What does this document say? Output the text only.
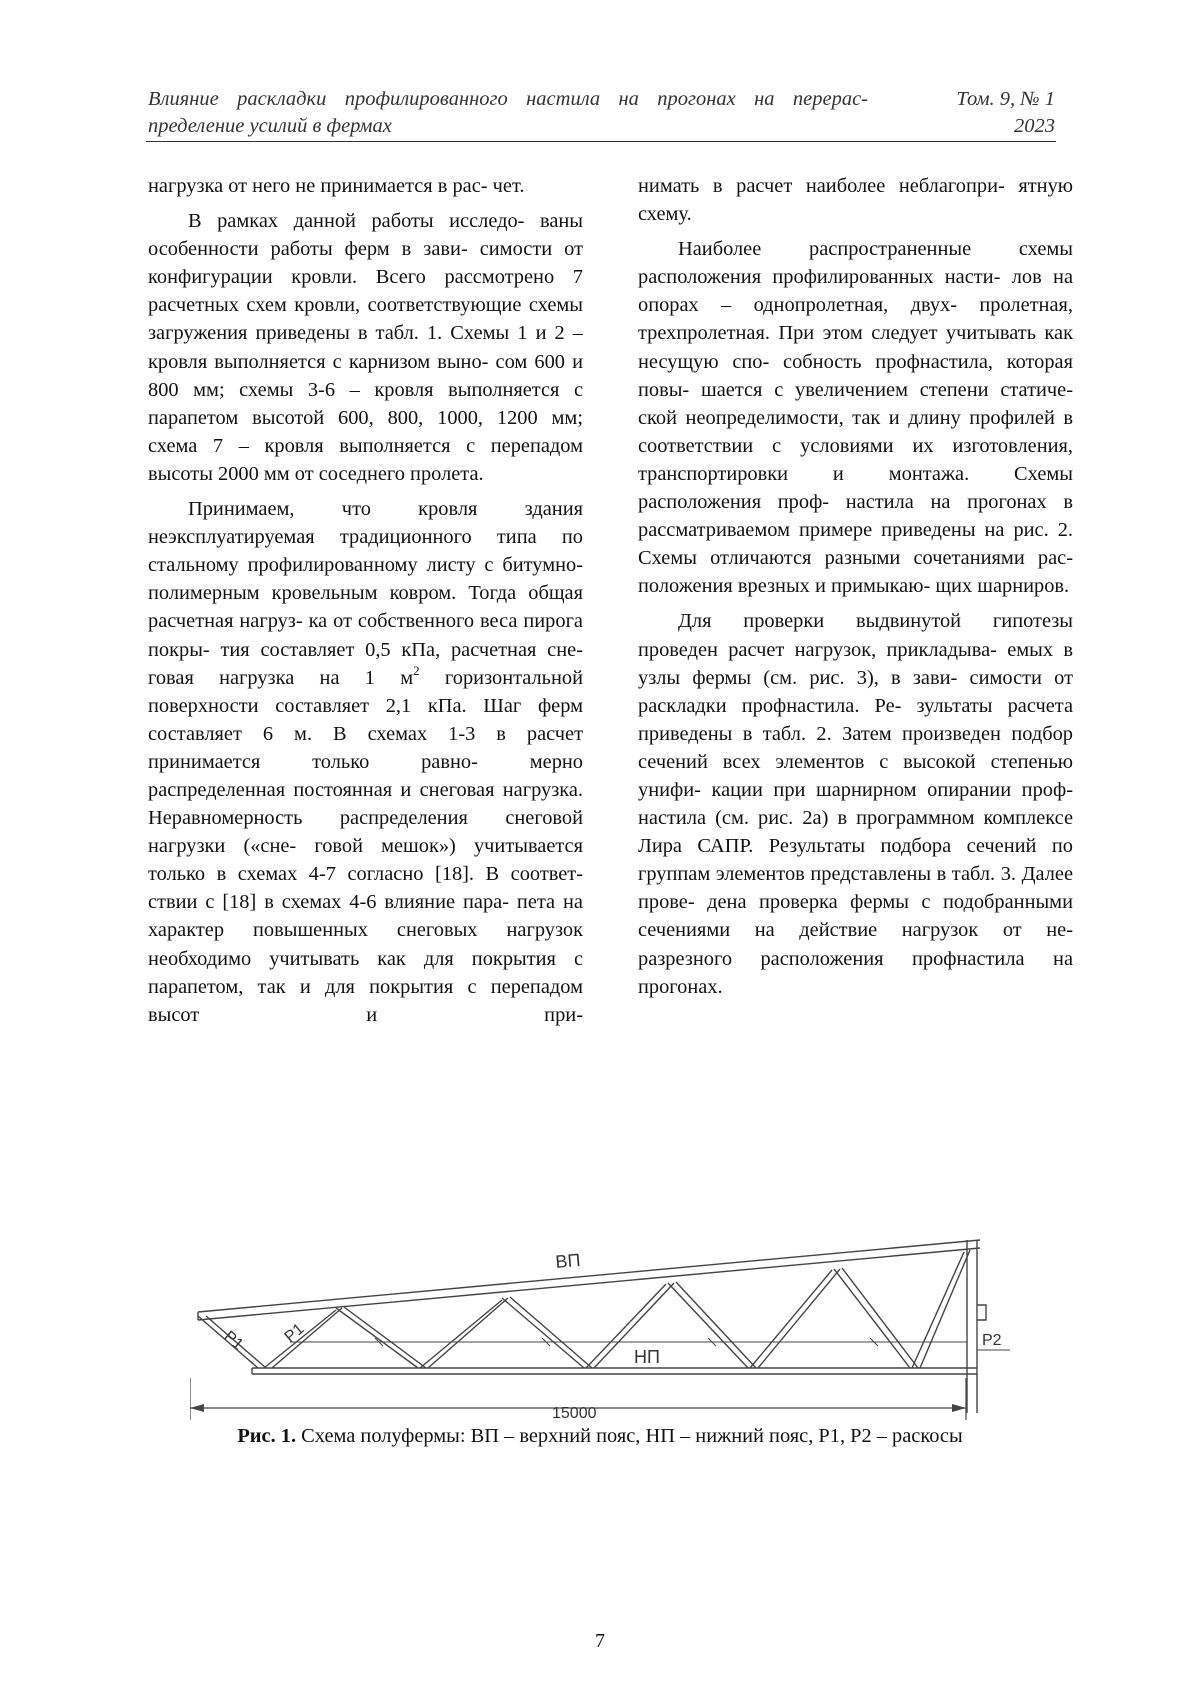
Влияние раскладки профилированного настила на прогонах на перерас-
пределение усилий в фермах
Том. 9, № 1
2023

нагрузка от него не принимается в рас- чет.

В рамках данной работы исследо- ваны особенности работы ферм в зави- симости от конфигурации кровли. Всего рассмотрено 7 расчетных схем кровли, соответствующие схемы загружения приведены в табл. 1. Схемы 1 и 2 – кровля выполняется с карнизом выно- сом 600 и 800 мм; схемы 3-6 – кровля выполняется с парапетом высотой 600, 800, 1000, 1200 мм; схема 7 – кровля выполняется с перепадом высоты 2000 мм от соседнего пролета.

Принимаем, что кровля здания неэксплуатируемая традиционного типа по стальному профилированному листу с битумно-полимерным кровельным ковром. Тогда общая расчетная нагруз- ка от собственного веса пирога покры- тия составляет 0,5 кПа, расчетная сне- говая нагрузка на 1 $м^2$ горизонтальной поверхности составляет 2,1 кПа. Шаг ферм составляет 6 м. В схемах 1-3 в расчет принимается только равно- мерно распределенная постоянная и снеговая нагрузка. Неравномерность распределения снеговой нагрузки («сне- говой мешок») учитывается только в схемах 4-7 согласно [18]. В соответ- ствии с [18] в схемах 4-6 влияние пара- пета на характер повышенных снеговых нагрузок необходимо учитывать как для покрытия с парапетом, так и для покрытия с перепадом высот и при-

нимать в расчет наиболее неблагопри- ятную схему.

Наиболее распространенные схемы расположения профилированных насти- лов на опорах – однопролетная, двух- пролетная, трехпролетная. При этом следует учитывать как несущую спо- собность профнастила, которая повы- шается с увеличением степени статиче- ской неопределимости, так и длину профилей в соответствии с условиями их изготовления, транспортировки и монтажа. Схемы расположения проф- настила на прогонах в рассматриваемом примере приведены на рис. 2. Схемы отличаются разными сочетаниями рас- положения врезных и примыкаю- щих шарниров.

Для проверки выдвинутой гипотезы проведен расчет нагрузок, прикладыва- емых в узлы фермы (см. рис. 3), в зави- симости от раскладки профнастила. Ре- зультаты расчета приведены в табл. 2. Затем произведен подбор сечений всех элементов с высокой степенью унифи- кации при шарнирном опирании проф- настила (см. рис. 2а) в программном комплексе Лира САПР. Результаты подбора сечений по группам элементов представлены в табл. 3. Далее прове- дена проверка фермы с подобранными сечениями на действие нагрузок от не- разрезного расположения профнастила на прогонах.

15000
ВП
НП
Р1 Р1	Р2
Рис. 1. Схема полуфермы: ВП – верхний пояс, НП – нижний пояс, Р1, Р2 – раскосы
7
